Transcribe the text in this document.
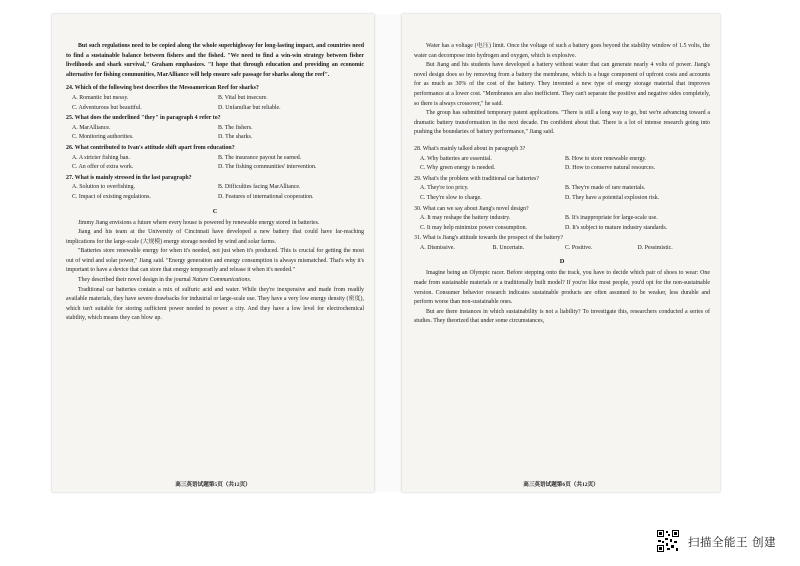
But such regulations need to be copied along the whole superhighway for long-lasting impact, and countries need to find a sustainable balance between fishers and the fished. "We need to find a win-win strategy between fisher livelihoods and shark survival," Graham emphasizes. "I hope that through education and providing an economic alternative for fishing communities, MarAlliance will help ensure safe passage for sharks along the reef".

24. Which of the following best describes the Mesoamerican Reef for sharks?

A. Romantic but messy.	B. Vital but insecure.
C. Adventurous but beautiful.	D. Unfamiliar but reliable.

25. What does the underlined "they" in paragraph 4 refer to?

A. MarAlliance.	B. The fishers.
C. Monitoring authorities.	D. The sharks.

26. What contributed to Ivan's attitude shift apart from education?

A. A stricter fishing ban.	B. The insurance payout he earned.
C. An offer of extra work.	D. The fishing communities' intervention.

27. What is mainly stressed in the last paragraph?

A. Solution to overfishing.	B. Difficulties facing MarAlliance.
C. Impact of existing regulations.	D. Features of international cooperation.
C

Jimmy Jiang envisions a future where every house is powered by renewable energy stored in batteries.

Jiang and his team at the University of Cincinnati have developed a new battery that could have far-reaching implications for the large-scale (大规模) energy storage needed by wind and solar farms.

"Batteries store renewable energy for when it's needed, not just when it's produced. This is crucial for getting the most out of wind and solar power," Jiang said. "Energy generation and energy consumption is always mismatched. That's why it's important to have a device that can store that energy temporarily and release it when it's needed."

They described their novel design in the journal Nature Communications.

Traditional car batteries contain a mix of sulfuric acid and water. While they're inexpensive and made from readily available materials, they have severe drawbacks for industrial or large-scale use. They have a very low energy density (密度), which isn't suitable for storing sufficient power needed to power a city. And they have a low level for electrochemical stability, which means they can blow up.

高三英语试题第5页（共12页）

Water has a voltage (电压) limit. Once the voltage of such a battery goes beyond the stability window of 1.5 volts, the water can decompose into hydrogen and oxygen, which is explosive.

But Jiang and his students have developed a battery without water that can generate nearly 4 volts of power. Jiang's novel design does so by removing from a battery the membrane, which is a huge component of upfront costs and accounts for as much as 30% of the cost of the battery. They invented a new type of energy storage material that improves performance at a lower cost. "Membranes are also inefficient. They can't separate the positive and negative sides completely, so there is always crossover," he said.

The group has submitted temporary patent applications. "There is still a long way to go, but we're advancing toward a dramatic battery transformation in the next decade. I'm confident about that. There is a lot of intense research going into pushing the boundaries of battery performance," Jiang said.

28. What's mainly talked about in paragraph 3?

A. Why batteries are essential.	B. How to store renewable energy.
C. Why green energy is needed.	D. How to conserve natural resources.

29. What's the problem with traditional car batteries?

A. They're too pricy.	B. They're made of rare materials.
C. They're slow to charge.	D. They have a potential explosion risk.

30. What can we say about Jiang's novel design?

A. It may reshape the battery industry.	B. It's inappropriate for large-scale use.
C. It may help minimize power consumption.	D. It's subject to mature industry standards.

31. What is Jiang's attitude towards the prospect of the battery?

A. Dismissive.	B. Uncertain.	C. Positive.	D. Pessimistic.
D

Imagine being an Olympic racer. Before stepping onto the track, you have to decide which pair of shoes to wear: One made from sustainable materials or a traditionally built model? If you're like most people, you'd opt for the non-sustainable version. Consumer behavior research indicates sustainable products are often assumed to be weaker, less durable and perform worse than non-sustainable ones.

But are there instances in which sustainability is not a liability? To investigate this, researchers conducted a series of studies. They theorized that under some circumstances,

高三英语试题第6页（共12页）
扫描全能王 创建
